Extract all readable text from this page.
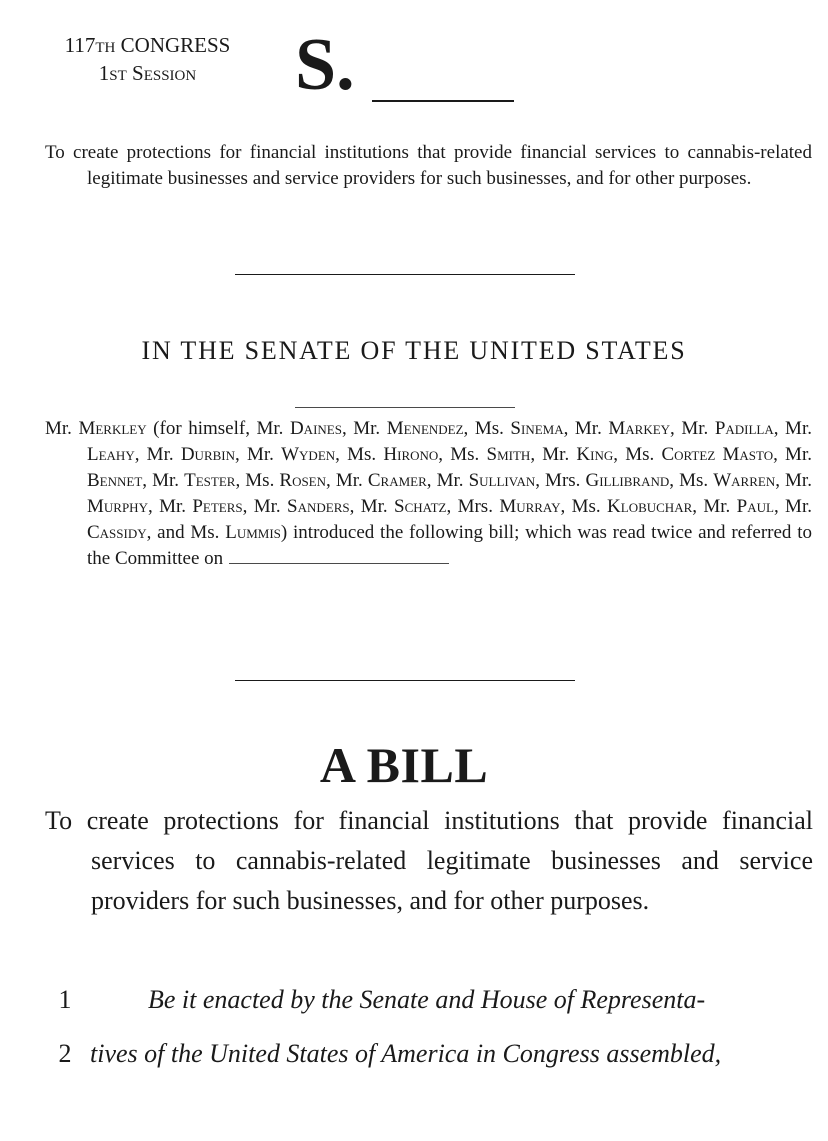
117TH CONGRESS
1ST Session	S.
To create protections for financial institutions that provide financial services to cannabis-related legitimate businesses and service providers for such businesses, and for other purposes.
IN THE SENATE OF THE UNITED STATES
Mr. Merkley (for himself, Mr. Daines, Mr. Menendez, Ms. Sinema, Mr. Markey, Mr. Padilla, Mr. Leahy, Mr. Durbin, Mr. Wyden, Ms. Hirono, Ms. Smith, Mr. King, Ms. Cortez Masto, Mr. Bennet, Mr. Tester, Ms. Rosen, Mr. Cramer, Mr. Sullivan, Mrs. Gillibrand, Ms. Warren, Mr. Murphy, Mr. Peters, Mr. Sanders, Mr. Schatz, Mrs. Murray, Ms. Klobuchar, Mr. Paul, Mr. Cassidy, and Ms. Lummis) introduced the following bill; which was read twice and referred to the Committee on
A BILL
To create protections for financial institutions that provide financial services to cannabis-related legitimate businesses and service providers for such businesses, and for other purposes.
1	Be it enacted by the Senate and House of Representa-
2 tives of the United States of America in Congress assembled,
